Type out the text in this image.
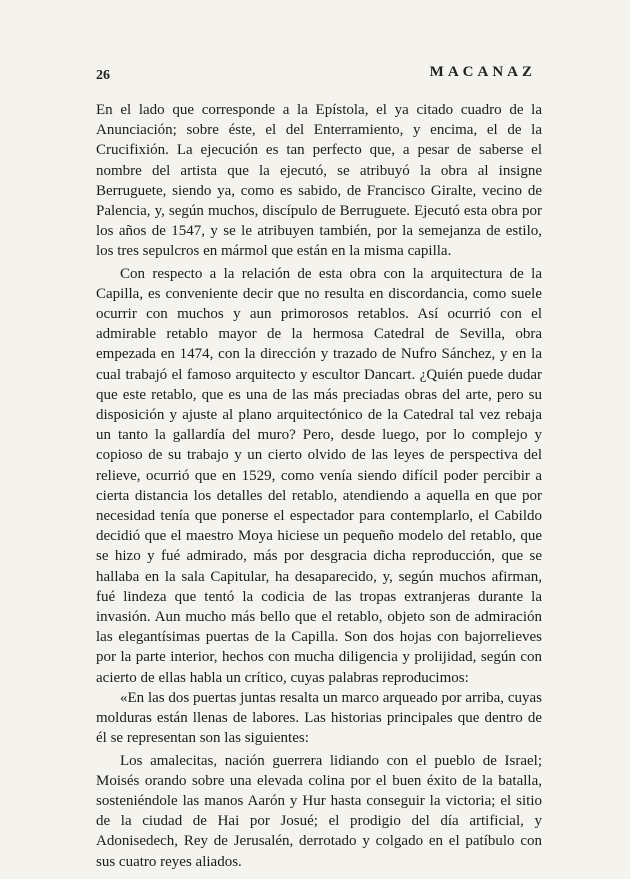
26	MACANAZ

En el lado que corresponde a la Epístola, el ya citado cuadro de la Anunciación; sobre éste, el del Enterramiento, y encima, el de la Crucifixión. La ejecución es tan perfecto que, a pesar de saberse el nombre del artista que la ejecutó, se atribuyó la obra al insigne Berruguete, siendo ya, como es sabido, de Francisco Giralte, vecino de Palencia, y, según muchos, discípulo de Berruguete. Ejecutó esta obra por los años de 1547, y se le atribuyen también, por la semejanza de estilo, los tres sepulcros en mármol que están en la misma capilla.

Con respecto a la relación de esta obra con la arquitectura de la Capilla, es conveniente decir que no resulta en discordancia, como suele ocurrir con muchos y aun primorosos retablos. Así ocurrió con el admirable retablo mayor de la hermosa Catedral de Sevilla, obra empezada en 1474, con la dirección y trazado de Nufro Sánchez, y en la cual trabajó el famoso arquitecto y escultor Dancart. ¿Quién puede dudar que este retablo, que es una de las más preciadas obras del arte, pero su disposición y ajuste al plano arquitectónico de la Catedral tal vez rebaja un tanto la gallardía del muro? Pero, desde luego, por lo complejo y copioso de su trabajo y un cierto olvido de las leyes de perspectiva del relieve, ocurrió que en 1529, como venía siendo difícil poder percibir a cierta distancia los detalles del retablo, atendiendo a aquella en que por necesidad tenía que ponerse el espectador para contemplarlo, el Cabildo decidió que el maestro Moya hiciese un pequeño modelo del retablo, que se hizo y fué admirado, más por desgracia dicha reproducción, que se hallaba en la sala Capitular, ha desaparecido, y, según muchos afirman, fué lindeza que tentó la codicia de las tropas extranjeras durante la invasión. Aun mucho más bello que el retablo, objeto son de admiración las elegantísimas puertas de la Capilla. Son dos hojas con bajorrelieves por la parte interior, hechos con mucha diligencia y prolijidad, según con acierto de ellas habla un crítico, cuyas palabras reproducimos:

«En las dos puertas juntas resalta un marco arqueado por arriba, cuyas molduras están llenas de labores. Las historias principales que dentro de él se representan son las siguientes:

Los amalecitas, nación guerrera lidiando con el pueblo de Israel; Moisés orando sobre una elevada colina por el buen éxito de la batalla, sosteniéndole las manos Aarón y Hur hasta conseguir la victoria; el sitio de la ciudad de Hai por Josué; el prodigio del día artificial, y Adonisedech, Rey de Jerusalén, derrotado y colgado en el patíbulo con sus cuatro reyes aliados.
